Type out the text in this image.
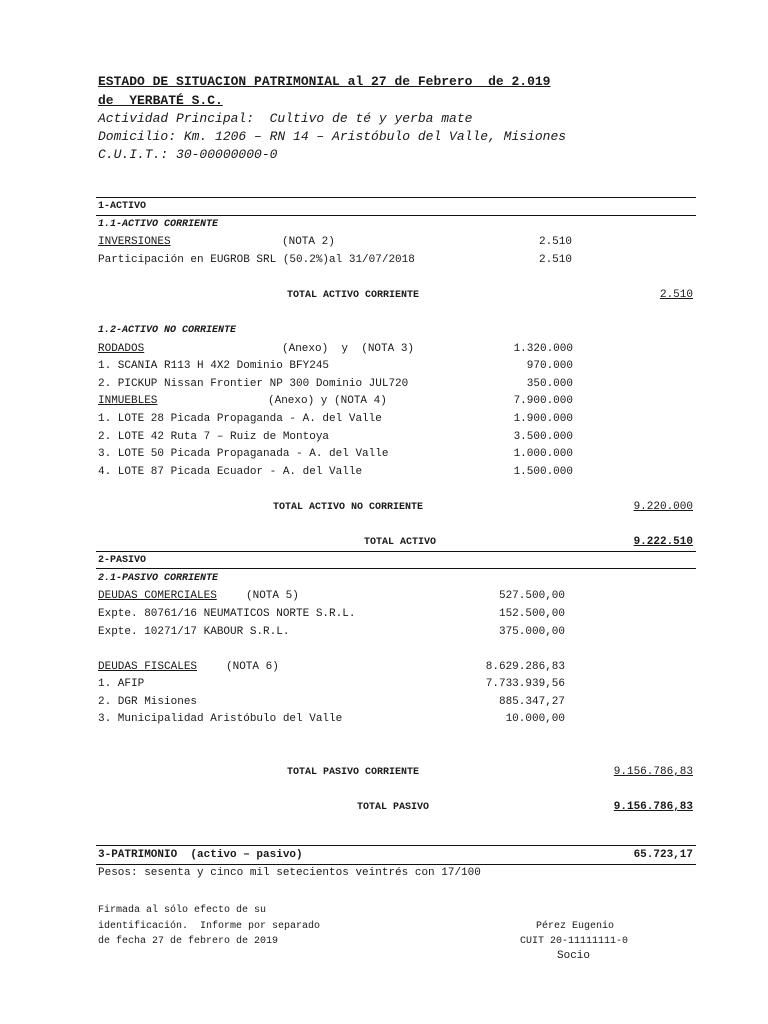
ESTADO DE SITUACION PATRIMONIAL al 27 de Febrero  de 2.019
de  YERBATÉ S.C.
Actividad Principal:  Cultivo de té y yerba mate
Domicilio: Km. 1206 – RN 14 – Aristóbulo del Valle, Misiones
C.U.I.T.: 30-00000000-0
1-ACTIVO
1.1-ACTIVO CORRIENTE
INVERSIONES	(NOTA 2)	2.510
Participación en EUGROB SRL (50.2%)al 31/07/2018	2.510
TOTAL ACTIVO CORRIENTE	2.510
1.2-ACTIVO NO CORRIENTE
RODADOS	(Anexo)  y  (NOTA 3)	1.320.000
1. SCANIA R113 H 4X2 Dominio BFY245	970.000
2. PICKUP Nissan Frontier NP 300 Dominio JUL720	350.000
INMUEBLES	(Anexo) y (NOTA 4)	7.900.000
1. LOTE 28 Picada Propaganda - A. del Valle	1.900.000
2. LOTE 42 Ruta 7 – Ruiz de Montoya	3.500.000
3. LOTE 50 Picada Propaganada - A. del Valle	1.000.000
4. LOTE 87 Picada Ecuador - A. del Valle	1.500.000
TOTAL ACTIVO NO CORRIENTE	9.220.000
TOTAL ACTIVO	9.222.510
2-PASIVO
2.1-PASIVO CORRIENTE
DEUDAS COMERCIALES	(NOTA 5)	527.500,00
Expte. 80761/16 NEUMATICOS NORTE S.R.L.	152.500,00
Expte. 10271/17 KABOUR S.R.L.	375.000,00
DEUDAS FISCALES	(NOTA 6)	8.629.286,83
1. AFIP	7.733.939,56
2. DGR Misiones	885.347,27
3. Municipalidad Aristóbulo del Valle	10.000,00
TOTAL PASIVO CORRIENTE	9.156.786,83
TOTAL PASIVO	9.156.786,83
3-PATRIMONIO  (activo – pasivo)	65.723,17
Pesos: sesenta y cinco mil setecientos veintrés con 17/100
Firmada al sólo efecto de su
identificación.  Informe por separado
de fecha 27 de febrero de 2019
Pérez Eugenio
CUIT 20-11111111-0
Socio
